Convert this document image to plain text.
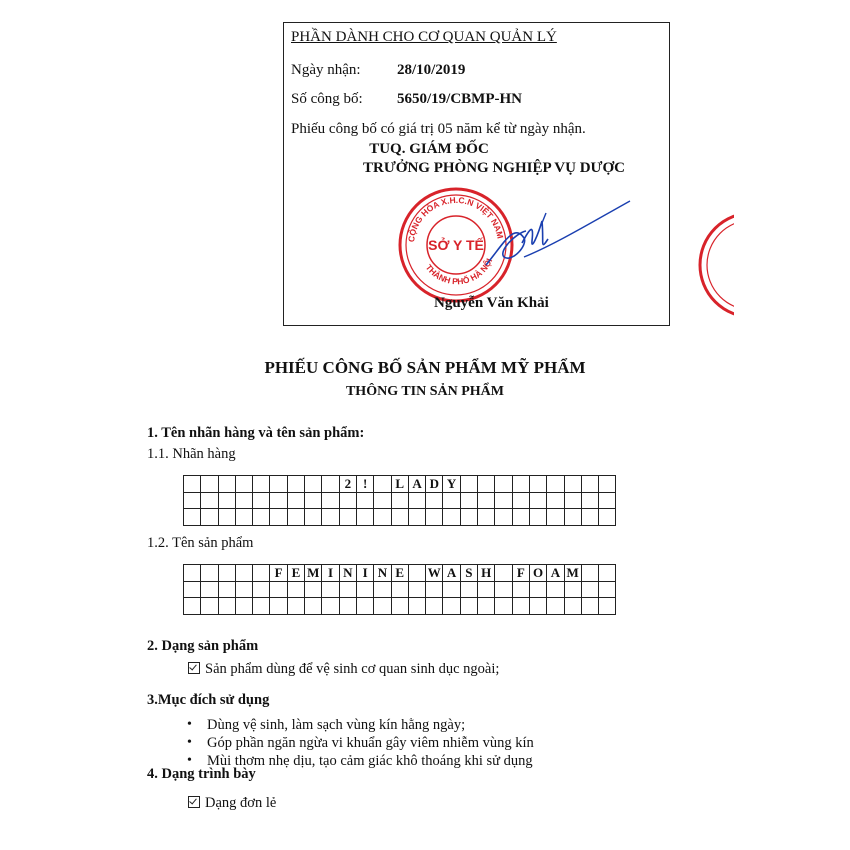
PHẦN DÀNH CHO CƠ QUAN QUẢN LÝ
Ngày nhận: 28/10/2019
Số công bố: 5650/19/CBMP-HN
Phiếu công bố có giá trị 05 năm kể từ ngày nhận.
TUQ. GIÁM ĐỐC
TRƯỞNG PHÒNG NGHIỆP VỤ DƯỢC
CỘNG HÒA X.H.C.N VIỆT NAM
THÀNH PHỐ HÀ NỘI
SỞ Y TẾ
Nguyễn Văn Khải
PHIẾU CÔNG BỐ SẢN PHẨM MỸ PHẨM
THÔNG TIN SẢN PHẨM
1. Tên nhãn hàng và tên sản phẩm:
1.1. Nhãn hàng
2 !	L A D Y
1.2. Tên sản phẩm
F E M I N I N E	W A S H	F O A M
2. Dạng sản phẩm
Sản phẩm dùng để vệ sinh cơ quan sinh dục ngoài;
3.Mục đích sử dụng
• Dùng vệ sinh, làm sạch vùng kín hằng ngày;
• Góp phần ngăn ngừa vi khuẩn gây viêm nhiễm vùng kín
• Mùi thơm nhẹ dịu, tạo cảm giác khô thoáng khi sử dụng
4. Dạng trình bày
Dạng đơn lẻ
